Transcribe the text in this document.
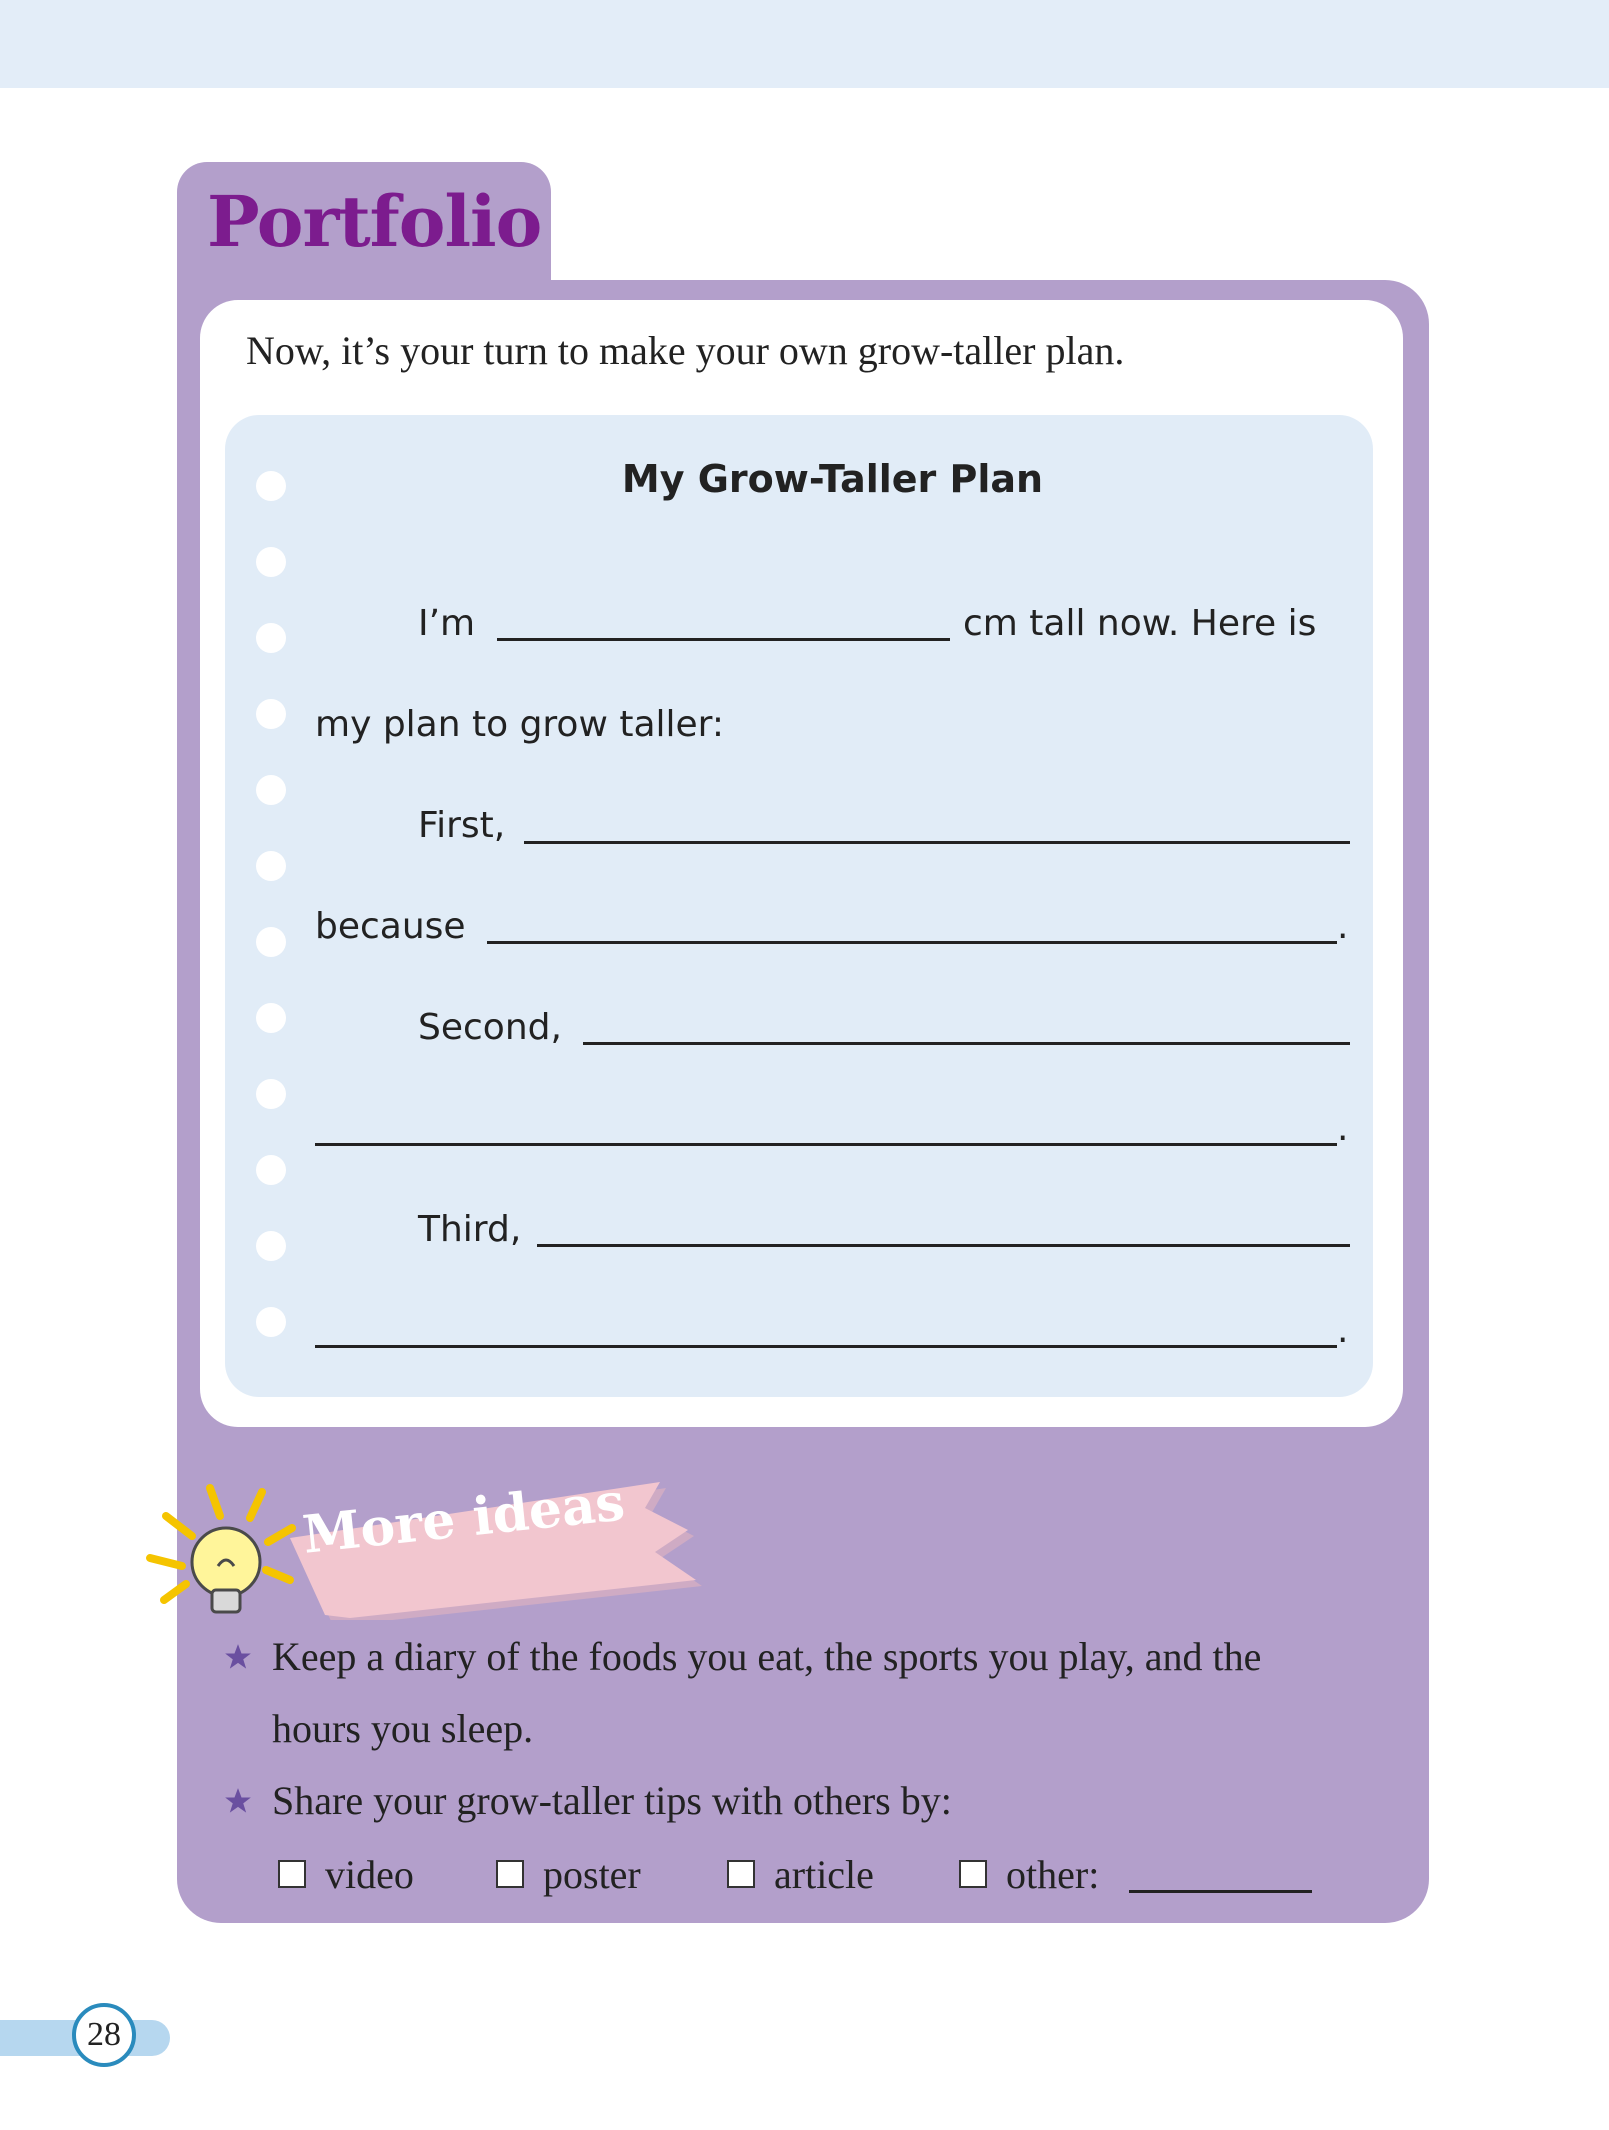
Portfolio
Now, it’s your turn to make your own grow-taller plan.
My Grow-Taller Plan
I’m	cm tall now. Here is
my plan to grow taller:
First,
because	.
Second,
.
Third,
.
More ideas
Keep a diary of the foods you eat, the sports you play, and the
hours you sleep.
Share your grow-taller tips with others by:
video	poster	article	other:
28
